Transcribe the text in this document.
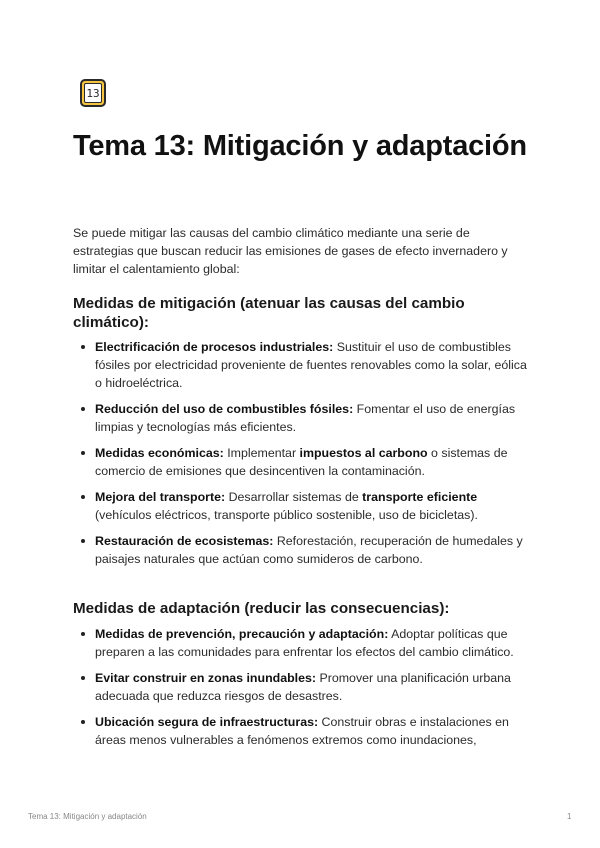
13
Tema 13: Mitigación y adaptación

Se puede mitigar las causas del cambio climático mediante una serie de estrategias que buscan reducir las emisiones de gases de efecto invernadero y limitar el calentamiento global:

Medidas de mitigación (atenuar las causas del cambio climático):
Electrificación de procesos industriales: Sustituir el uso de combustibles fósiles por electricidad proveniente de fuentes renovables como la solar, eólica o hidroeléctrica.
Reducción del uso de combustibles fósiles: Fomentar el uso de energías limpias y tecnologías más eficientes.
Medidas económicas: Implementar impuestos al carbono o sistemas de comercio de emisiones que desincentiven la contaminación.
Mejora del transporte: Desarrollar sistemas de transporte eficiente (vehículos eléctricos, transporte público sostenible, uso de bicicletas).
Restauración de ecosistemas: Reforestación, recuperación de humedales y paisajes naturales que actúan como sumideros de carbono.
Medidas de adaptación (reducir las consecuencias):
Medidas de prevención, precaución y adaptación: Adoptar políticas que preparen a las comunidades para enfrentar los efectos del cambio climático.
Evitar construir en zonas inundables: Promover una planificación urbana adecuada que reduzca riesgos de desastres.
Ubicación segura de infraestructuras: Construir obras e instalaciones en áreas menos vulnerables a fenómenos extremos como inundaciones,
Tema 13: Mitigación y adaptación	1
